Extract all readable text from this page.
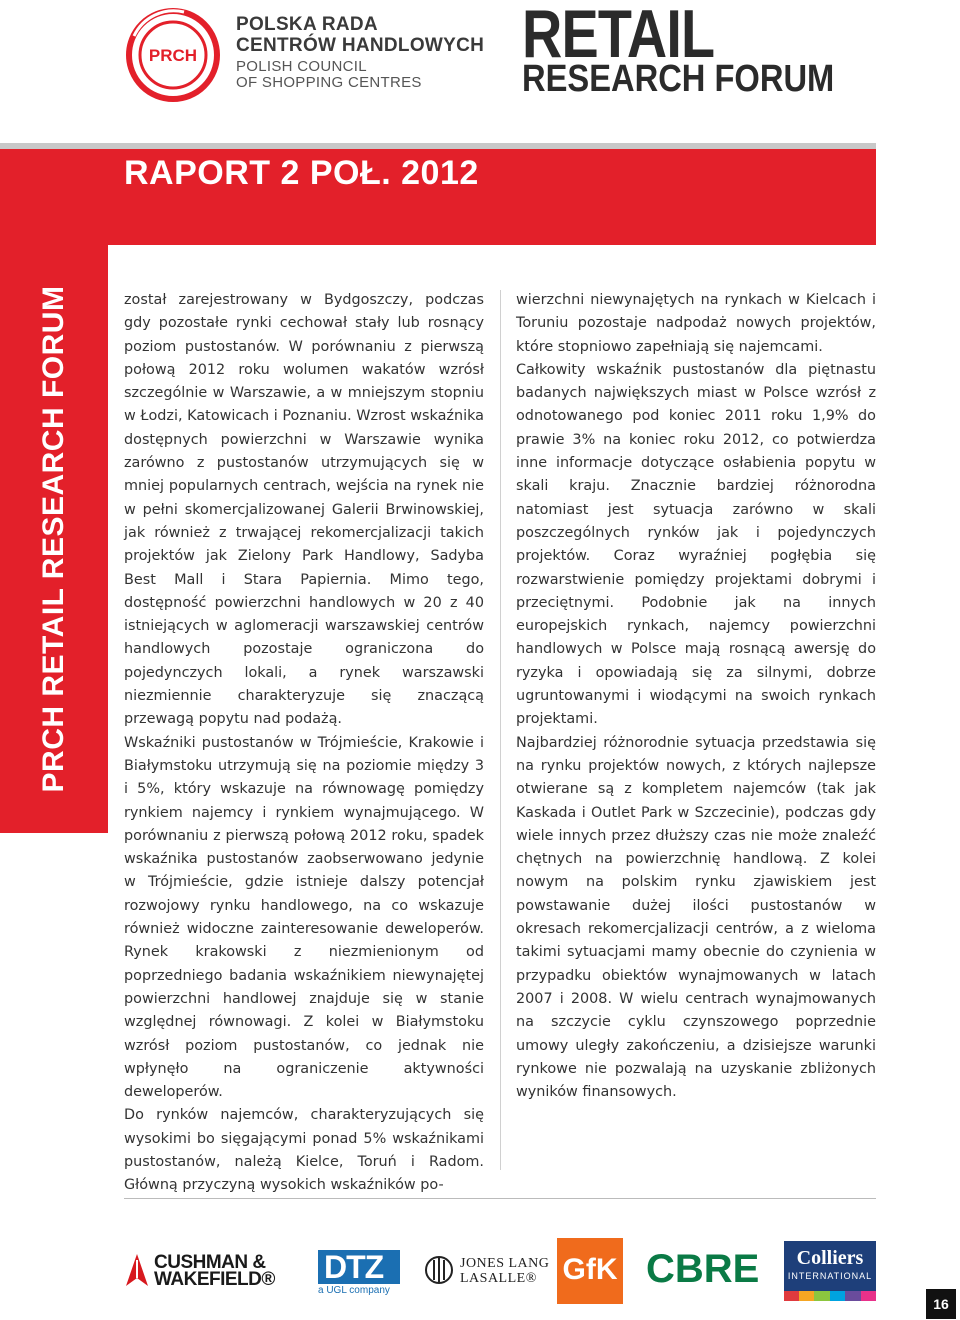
PRCH
POLSKA RADA
CENTRÓW HANDLOWYCH
POLISH COUNCIL
OF SHOPPING CENTRES
RETAIL
RESEARCH FORUM
RAPORT 2 POŁ. 2012
PRCH RETAIL RESEARCH FORUM	został zarejestrowany w Bydgoszczy, podczas gdy pozostałe rynki cechował stały lub rosnący poziom pustostanów. W porównaniu z pierwszą połową 2012 roku wolumen wakatów wzrósł szczególnie w Warszawie, a w mniejszym stopniu w Łodzi, Katowicach i Poznaniu. Wzrost wskaźnika dostępnych powierzchni w Warszawie wynika zarówno z pustostanów utrzymujących się w mniej popularnych centrach, wejścia na rynek nie w pełni skomercjalizowanej Galerii Brwinowskiej, jak również z trwającej rekomercjalizacji takich projektów jak Zielony Park Handlowy, Sadyba Best Mall i Stara Papiernia. Mimo tego, dostępność powierzchni handlowych w 20 z 40 istniejących w aglomeracji warszawskiej centrów handlowych pozostaje ograniczona do pojedynczych lokali, a rynek warszawski niezmiennie charakteryzuje się znaczącą przewagą popytu nad podażą.

Wskaźniki pustostanów w Trójmieście, Krakowie i Białymstoku utrzymują się na poziomie między 3 i 5%, który wskazuje na równowagę pomiędzy rynkiem najemcy i rynkiem wynajmującego. W porównaniu z pierwszą połową 2012 roku, spadek wskaźnika pustostanów zaobserwowano jedynie w Trójmieście, gdzie istnieje dalszy potencjał rozwojowy rynku handlowego, na co wskazuje również widoczne zainteresowanie deweloperów. Rynek krakowski z niezmienionym od poprzedniego badania wskaźnikiem niewynajętej powierzchni handlowej znajduje się w stanie względnej równowagi. Z kolei w Białymstoku wzrósł poziom pustostanów, co jednak nie wpłynęło na ograniczenie aktywności deweloperów.

Do rynków najemców, charakteryzujących się wysokimi bo sięgającymi ponad 5% wskaźnikami pustostanów, należą Kielce, Toruń i Radom. Główną przyczyną wysokich wskaźników po-

wierzchni niewynajętych na rynkach w Kielcach i Toruniu pozostaje nadpodaż nowych projektów, które stopniowo zapełniają się najemcami.

Całkowity wskaźnik pustostanów dla piętnastu badanych największych miast w Polsce wzrósł z odnotowanego pod koniec 2011 roku 1,9% do prawie 3% na koniec roku 2012, co potwierdza inne informacje dotyczące osłabienia popytu w skali kraju. Znacznie bardziej różnorodna natomiast jest sytuacja zarówno w skali poszczególnych rynków jak i pojedynczych projektów. Coraz wyraźniej pogłębia się rozwarstwienie pomiędzy projektami dobrymi i przeciętnymi. Podobnie jak na innych europejskich rynkach, najemcy powierzchni handlowych w Polsce mają rosnącą awersję do ryzyka i opowiadają się za silnymi, dobrze ugruntowanymi i wiodącymi na swoich rynkach projektami.

Najbardziej różnorodnie sytuacja przedstawia się na rynku projektów nowych, z których najlepsze otwierane są z kompletem najemców (tak jak Kaskada i Outlet Park w Szczecinie), podczas gdy wiele innych przez dłuższy czas nie może znaleźć chętnych na powierzchnię handlową. Z kolei nowym na polskim rynku zjawiskiem jest powstawanie dużej ilości pustostanów w okresach rekomercjalizacji centrów, a z wieloma takimi sytuacjami mamy obecnie do czynienia w przypadku obiektów wynajmowanych w latach 2007 i 2008. W wielu centrach wynajmowanych na szczycie cyklu czynszowego poprzednie umowy uległy zakończeniu, a dzisiejsze warunki rynkowe nie pozwalają na uzyskanie zbliżonych wyników finansowych.

CUSHMAN &
WAKEFIELD® DTZ
a UGL company
JONES LANG
LASALLE® GfK CBRE	Colliers
INTERNATIONAL
16
